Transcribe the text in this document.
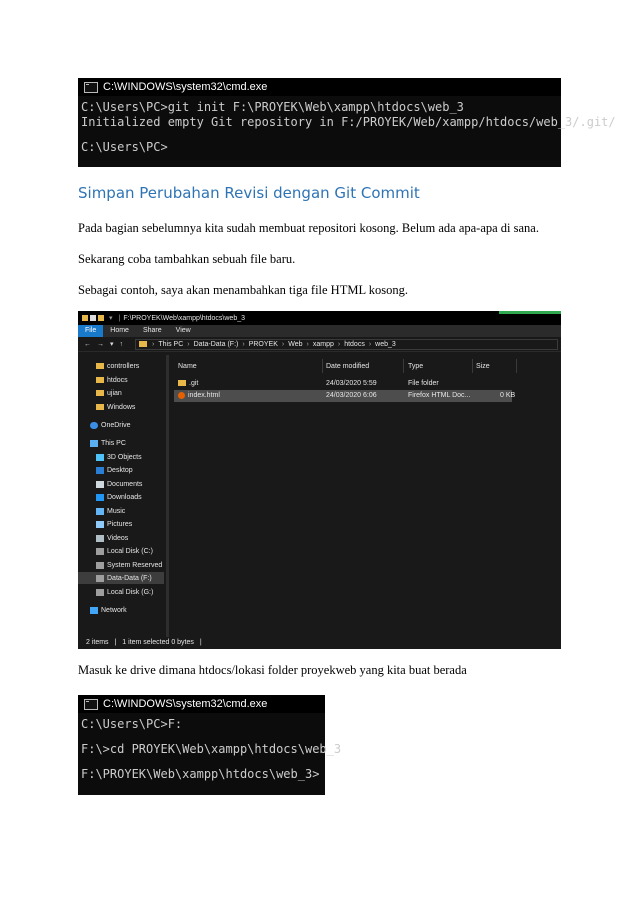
C:\WINDOWS\system32\cmd.exe
C:\Users\PC>git init F:\PROYEK\Web\xampp\htdocs\web_3
Initialized empty Git repository in F:/PROYEK/Web/xampp/htdocs/web_3/.git/
C:\Users\PC>
Simpan Perubahan Revisi dengan Git Commit
Pada bagian sebelumnya kita sudah membuat repositori kosong. Belum ada apa-apa di sana.
Sekarang coba tambahkan sebuah file baru.
Sebagai contoh, saya akan menambahkan tiga file HTML kosong.
▾ | F:\PROYEK\Web\xampp\htdocs\web_3
File	Home	Share	View
← → ▾ ↑	› This PC › Data-Data (F:) › PROYEK › Web › xampp › htdocs › web_3
controllers
htdocs
ujian
Windows
OneDrive
This PC
3D Objects
Desktop
Documents
Downloads
Music
Pictures
Videos
Local Disk (C:)
System Reserved
Data-Data (F:)
Local Disk (G:)
Network
Name	Date modified	Type	Size
.git	24/03/2020 5:59	File folder
index.html	24/03/2020 6:06	Firefox HTML Doc...	0 KB
2 items | 1 item selected 0 bytes |
Masuk ke drive dimana htdocs/lokasi folder proyekweb yang kita buat berada
C:\WINDOWS\system32\cmd.exe
C:\Users\PC>F:
F:\>cd PROYEK\Web\xampp\htdocs\web_3
F:\PROYEK\Web\xampp\htdocs\web_3>
